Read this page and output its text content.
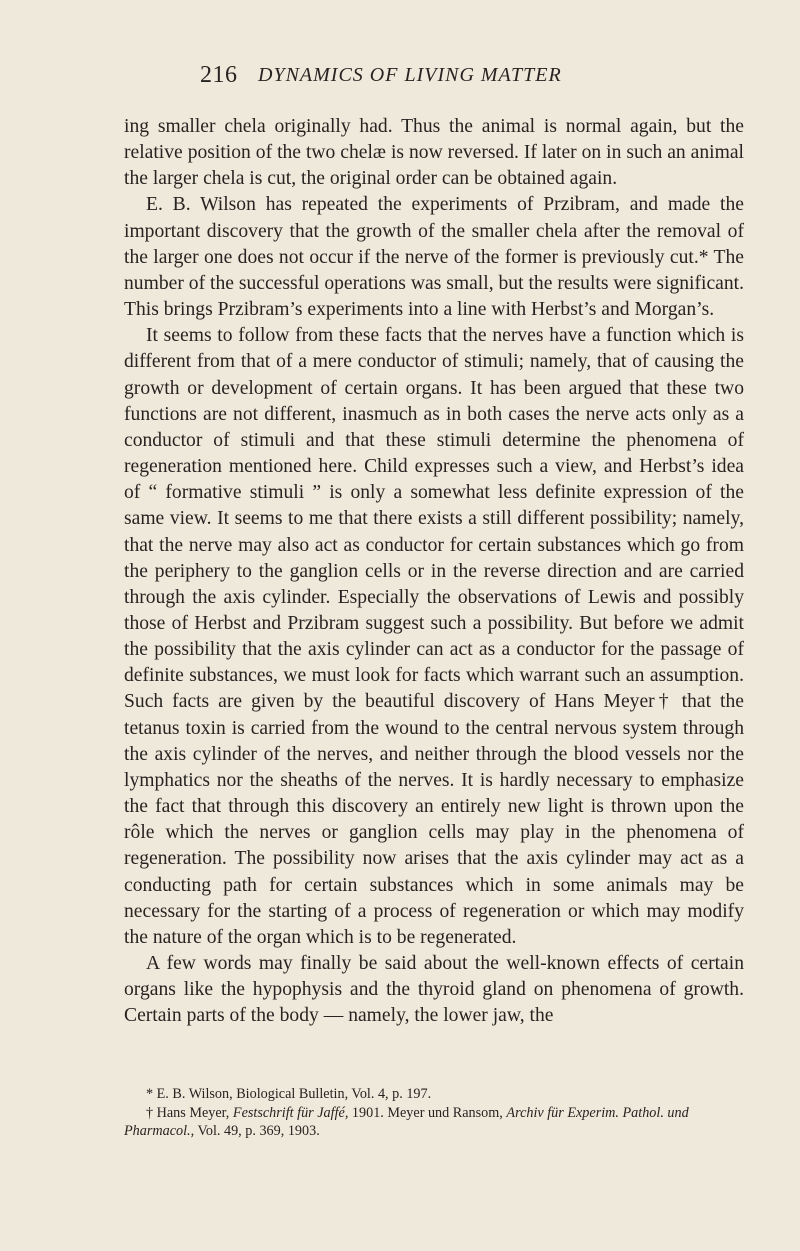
216 DYNAMICS OF LIVING MATTER

ing smaller chela originally had. Thus the animal is normal again, but the relative position of the two chelæ is now reversed. If later on in such an animal the larger chela is cut, the original order can be obtained again.

E. B. Wilson has repeated the experiments of Przibram, and made the important discovery that the growth of the smaller chela after the removal of the larger one does not occur if the nerve of the former is previously cut.* The number of the successful operations was small, but the results were significant. This brings Przibram’s experiments into a line with Herbst’s and Morgan’s.

It seems to follow from these facts that the nerves have a function which is different from that of a mere conductor of stimuli; namely, that of causing the growth or development of certain organs. It has been argued that these two functions are not different, inasmuch as in both cases the nerve acts only as a conductor of stimuli and that these stimuli determine the phenomena of regeneration mentioned here. Child expresses such a view, and Herbst’s idea of “ formative stimuli ” is only a somewhat less definite expression of the same view. It seems to me that there exists a still different possibility; namely, that the nerve may also act as conductor for certain substances which go from the periphery to the ganglion cells or in the reverse direction and are carried through the axis cylinder. Especially the observations of Lewis and possibly those of Herbst and Przibram suggest such a possibility. But before we admit the possibility that the axis cylinder can act as a conductor for the passage of definite substances, we must look for facts which warrant such an assumption. Such facts are given by the beautiful discovery of Hans Meyer† that the tetanus toxin is carried from the wound to the central nervous system through the axis cylinder of the nerves, and neither through the blood vessels nor the lymphatics nor the sheaths of the nerves. It is hardly necessary to emphasize the fact that through this discovery an entirely new light is thrown upon the rôle which the nerves or ganglion cells may play in the phenomena of regeneration. The possibility now arises that the axis cylinder may act as a conducting path for certain substances which in some animals may be necessary for the starting of a process of regeneration or which may modify the nature of the organ which is to be regenerated.

A few words may finally be said about the well-known effects of certain organs like the hypophysis and the thyroid gland on phenomena of growth. Certain parts of the body — namely, the lower jaw, the

* E. B. Wilson, Biological Bulletin, Vol. 4, p. 197.

† Hans Meyer, Festschrift für Jaffé, 1901. Meyer und Ransom, Archiv für Experim. Pathol. und Pharmacol., Vol. 49, p. 369, 1903.
